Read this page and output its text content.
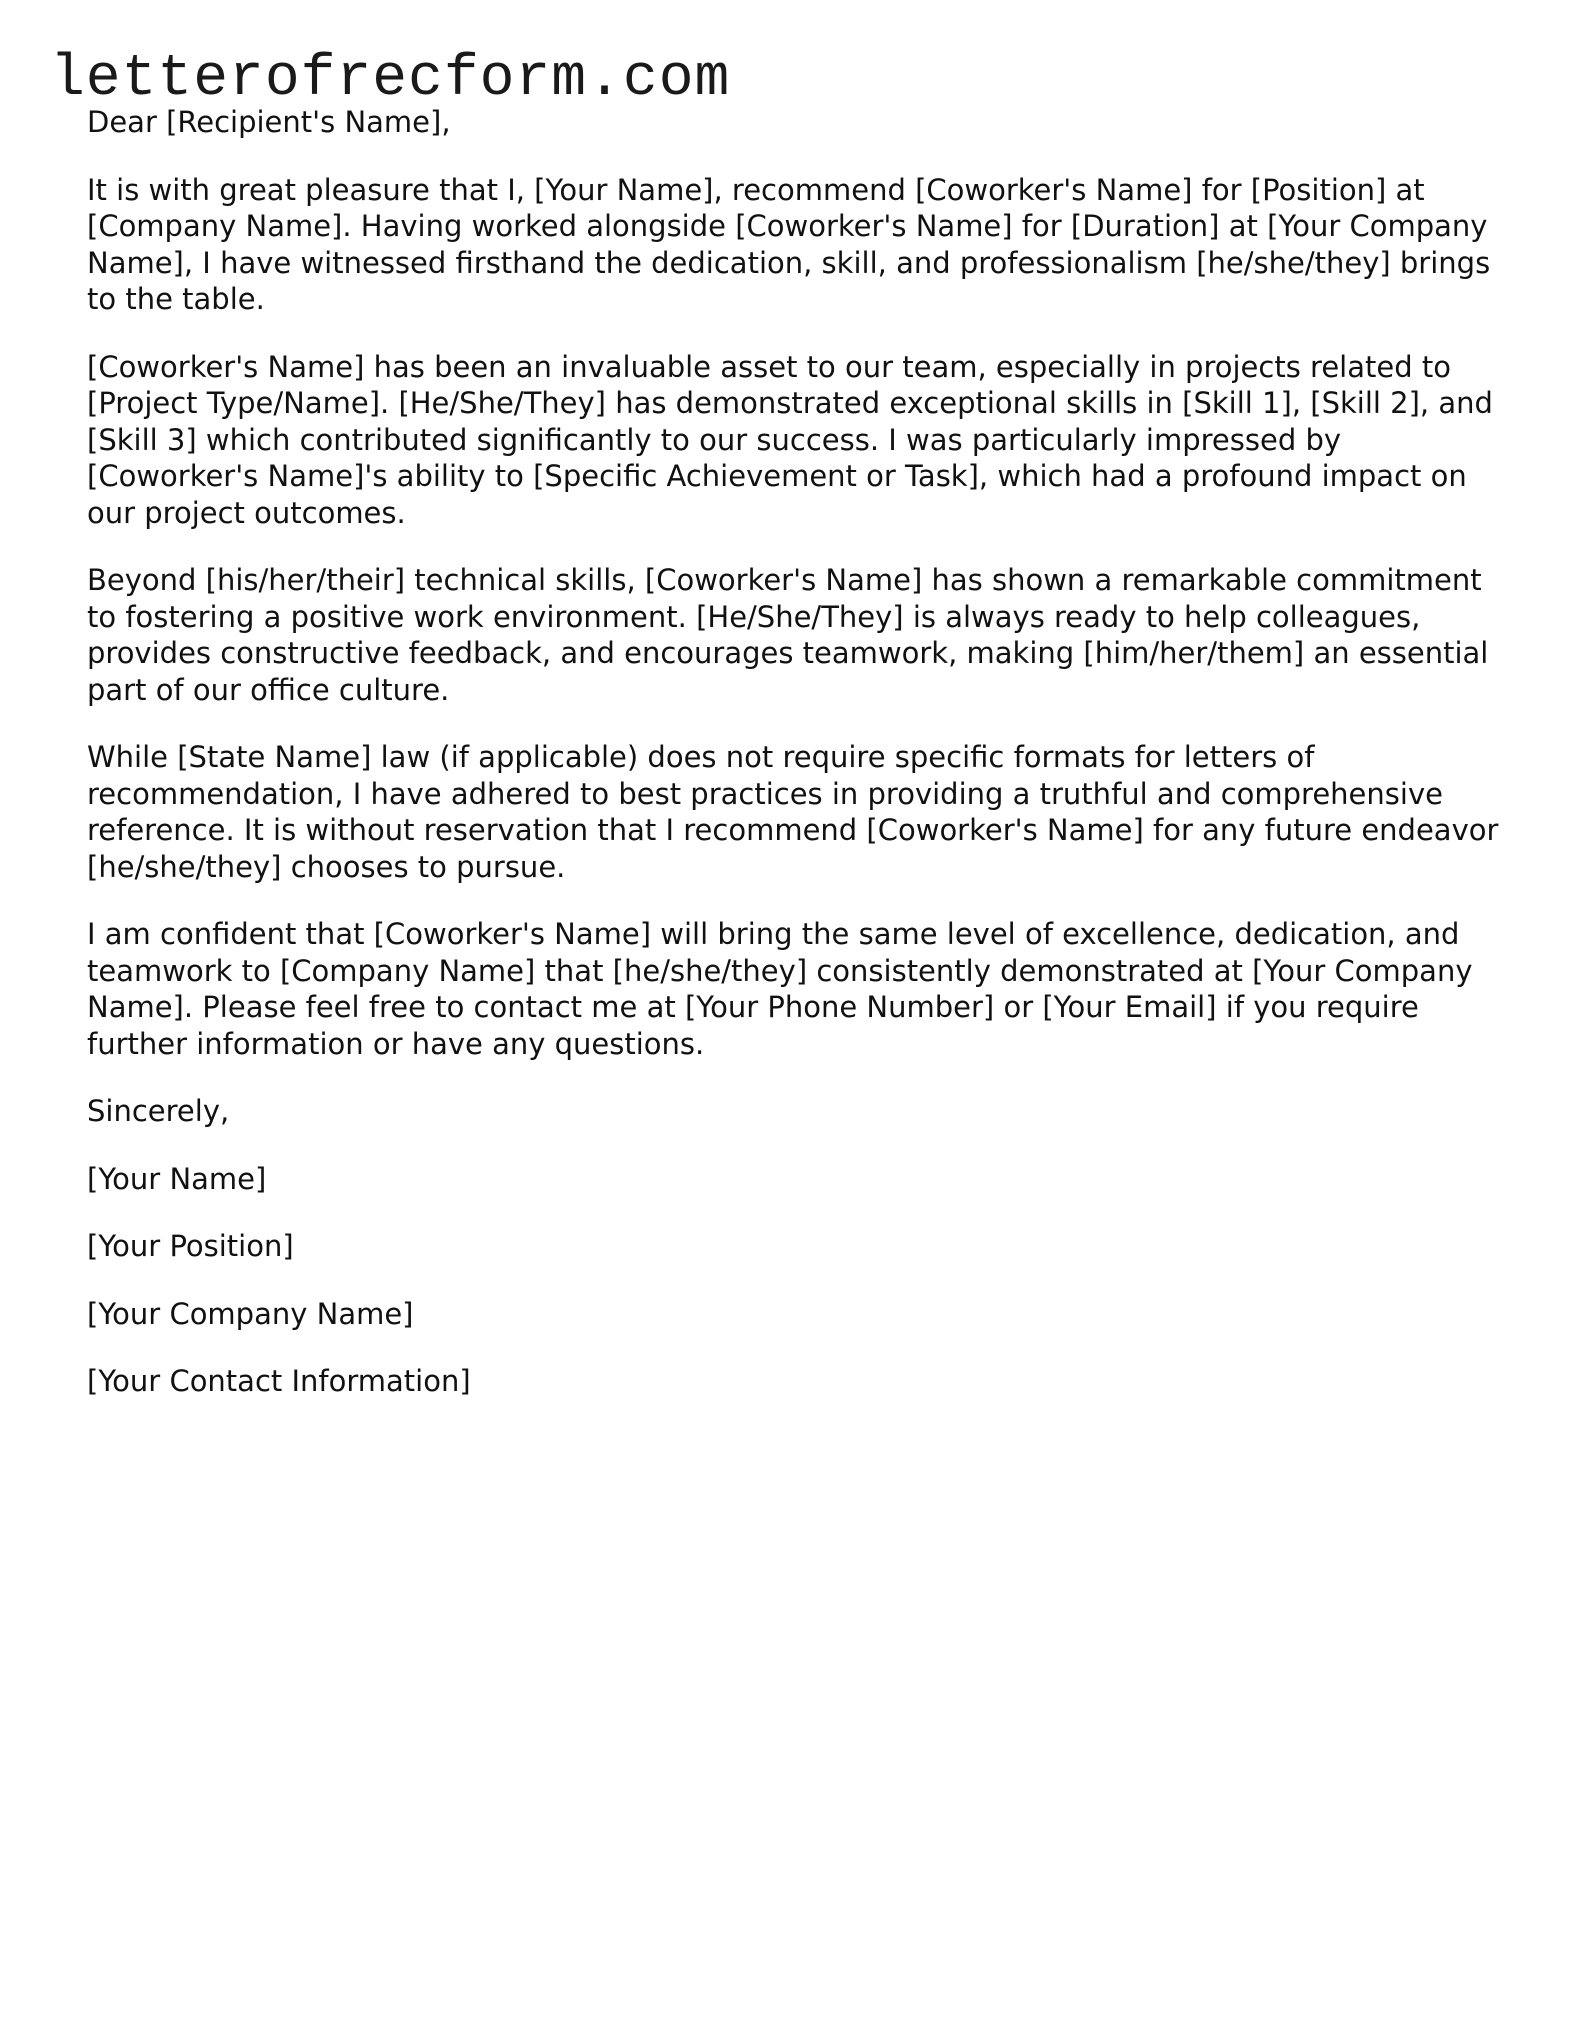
letterofrecform.com

Dear [Recipient's Name],

It is with great pleasure that I, [Your Name], recommend [Coworker's Name] for [Position] at [Company Name]. Having worked alongside [Coworker's Name] for [Duration] at [Your Company Name], I have witnessed firsthand the dedication, skill, and professionalism [he/she/they] brings to the table.

[Coworker's Name] has been an invaluable asset to our team, especially in projects related to [Project Type/Name]. [He/She/They] has demonstrated exceptional skills in [Skill 1], [Skill 2], and [Skill 3] which contributed significantly to our success. I was particularly impressed by [Coworker's Name]'s ability to [Specific Achievement or Task], which had a profound impact on our project outcomes.

Beyond [his/her/their] technical skills, [Coworker's Name] has shown a remarkable commitment to fostering a positive work environment. [He/She/They] is always ready to help colleagues, provides constructive feedback, and encourages teamwork, making [him/her/them] an essential part of our office culture.

While [State Name] law (if applicable) does not require specific formats for letters of recommendation, I have adhered to best practices in providing a truthful and comprehensive reference. It is without reservation that I recommend [Coworker's Name] for any future endeavor [he/she/they] chooses to pursue.

I am confident that [Coworker's Name] will bring the same level of excellence, dedication, and teamwork to [Company Name] that [he/she/they] consistently demonstrated at [Your Company Name]. Please feel free to contact me at [Your Phone Number] or [Your Email] if you require further information or have any questions.

Sincerely,

[Your Name]

[Your Position]

[Your Company Name]

[Your Contact Information]
